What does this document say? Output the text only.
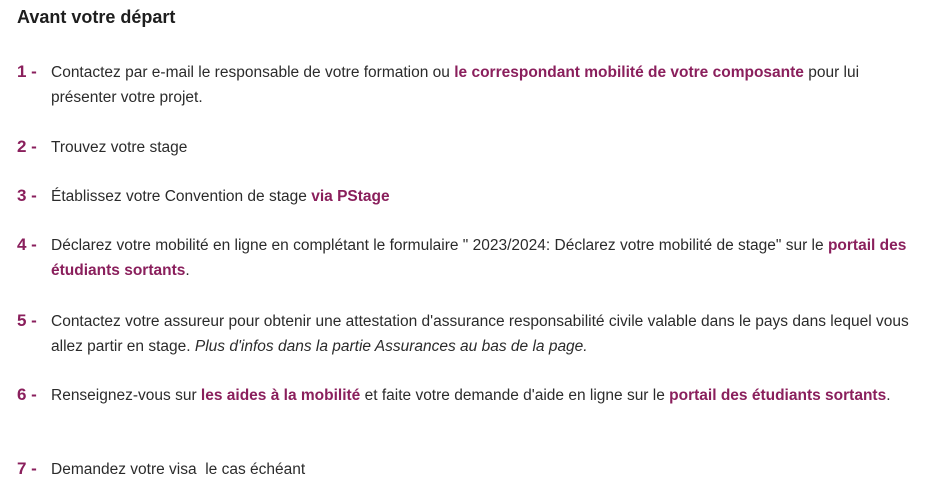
Avant votre départ
1 - Contactez par e-mail le responsable de votre formation ou le correspondant mobilité de votre composante pour lui présenter votre projet.
2 - Trouvez votre stage
3 - Établissez votre Convention de stage via PStage
4 - Déclarez votre mobilité en ligne en complétant le formulaire " 2023/2024: Déclarez votre mobilité de stage" sur le portail des étudiants sortants.
5 - Contactez votre assureur pour obtenir une attestation d'assurance responsabilité civile valable dans le pays dans lequel vous allez partir en stage. Plus d'infos dans la partie Assurances au bas de la page.
6 - Renseignez-vous sur les aides à la mobilité et faite votre demande d'aide en ligne sur le portail des étudiants sortants.
7 - Demandez votre visa  le cas échéant
